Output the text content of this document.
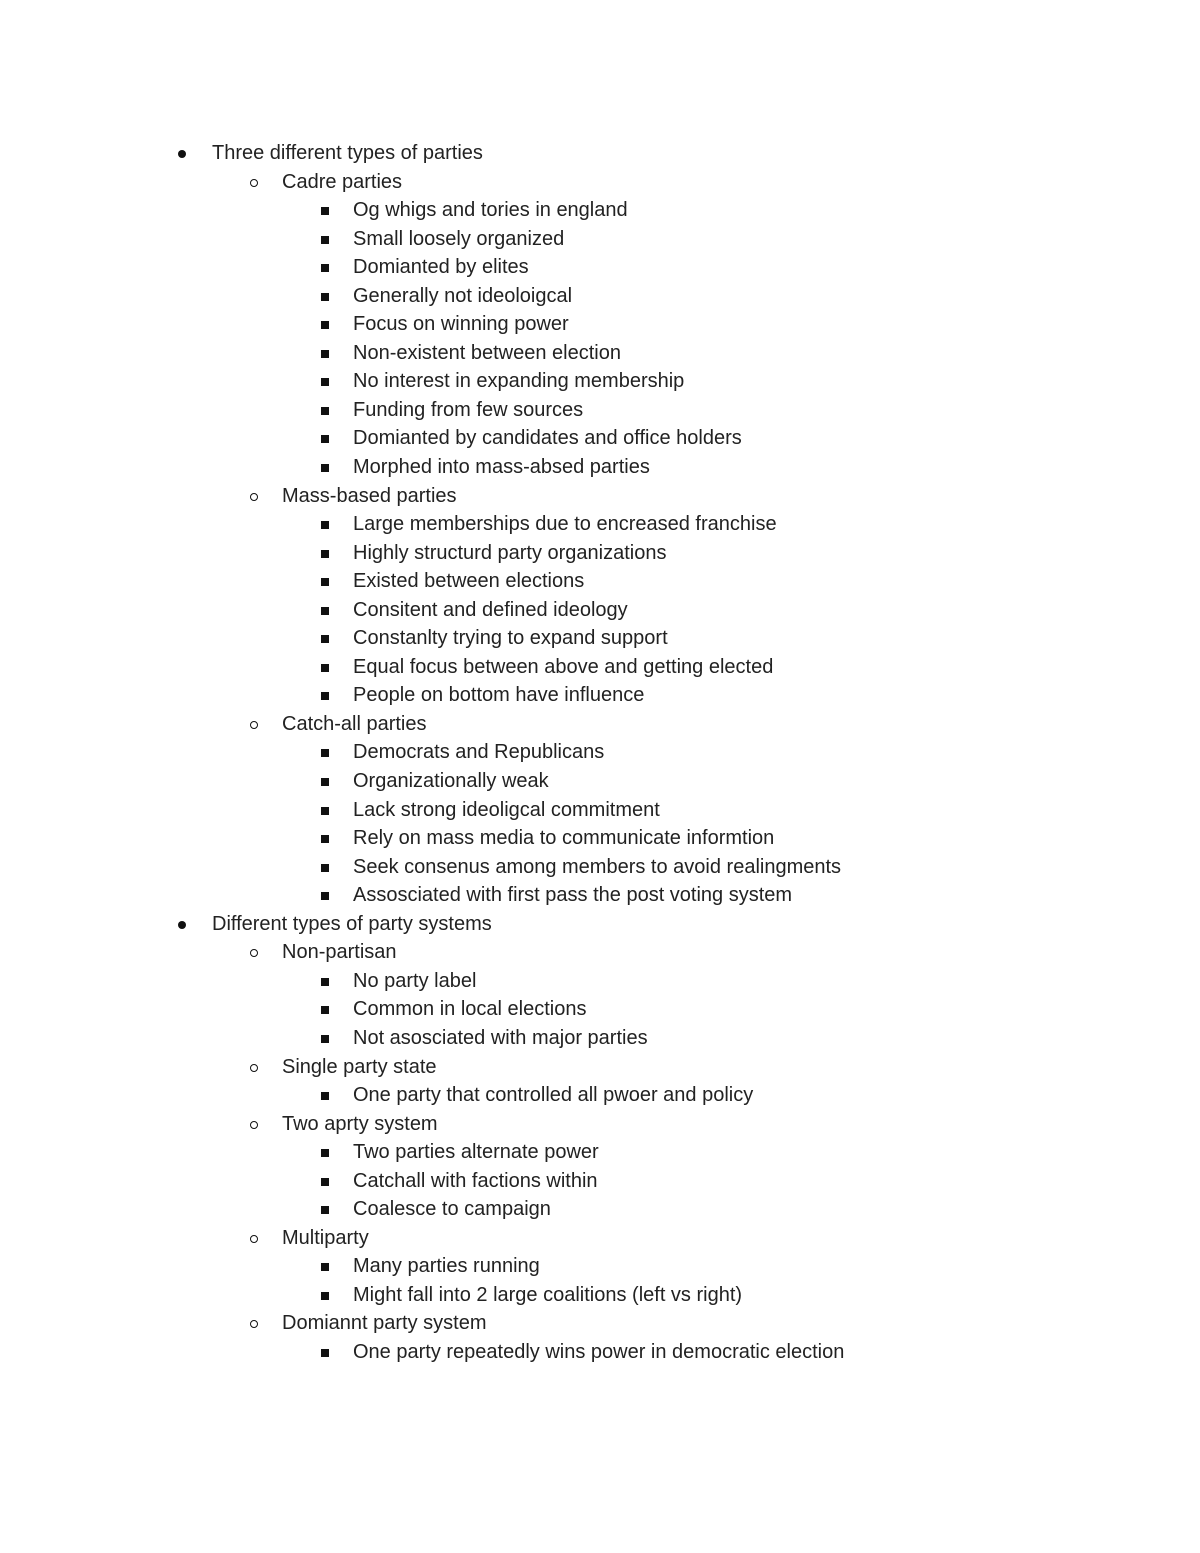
Three different types of parties
Cadre parties
Og whigs and tories in england
Small loosely organized
Domianted by elites
Generally not ideoloigcal
Focus on winning power
Non-existent between election
No interest in expanding membership
Funding from few sources
Domianted by candidates and office holders
Morphed into mass-absed parties
Mass-based parties
Large memberships due to encreased franchise
Highly structurd party organizations
Existed between elections
Consitent and defined ideology
Constanlty trying to expand support
Equal focus between above and getting elected
People on bottom have influence
Catch-all parties
Democrats and Republicans
Organizationally weak
Lack strong ideoligcal commitment
Rely on mass media to communicate informtion
Seek consenus among members to avoid realingments
Assosciated with first pass the post voting system
Different types of party systems
Non-partisan
No party label
Common in local elections
Not asosciated with major parties
Single party state
One party that controlled all pwoer and policy
Two aprty system
Two parties alternate power
Catchall with factions within
Coalesce to campaign
Multiparty
Many parties running
Might fall into 2 large coalitions (left vs right)
Domiannt party system
One party repeatedly wins power in democratic election
